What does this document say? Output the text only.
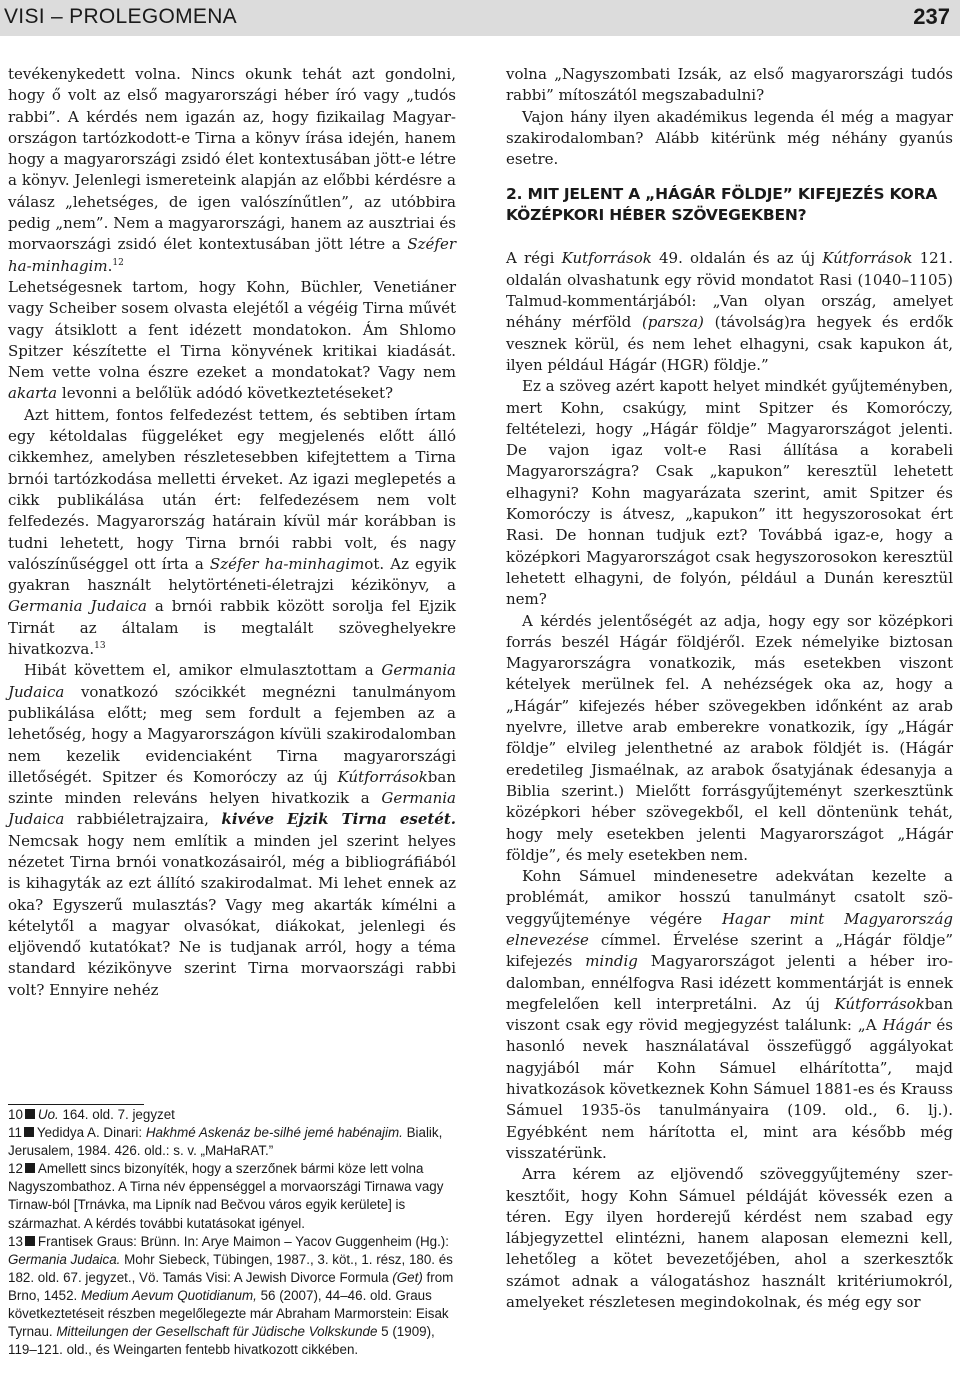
VISI – PROLEGOMENA	237

tevékenykedett volna. Nincs okunk tehát azt gondolni, hogy ő volt az első magyarországi héber író vagy „tudós rabbi”. A kérdés nem igazán az, hogy fizikailag Magyarországon tartózkodott-e Tirna a könyv írása idején, hanem hogy a magyarországi zsidó élet kontextusában jött-e létre a könyv. Jelenlegi ismereteink alapján az előbbi kérdésre a válasz „lehetséges, de igen valószínűtlen”, az utóbbira pedig „nem”. Nem a magyarországi, hanem az ausztriai és morvaországi zsidó élet kontextusában jött létre a Széfer ha-minhagim.$^{12}$

Lehetségesnek tartom, hogy Kohn, Büchler, Venetiáner vagy Scheiber sosem olvasta elejétől a végéig Tirna művét vagy átsiklott a fent idézett mondatokon. Ám Shlomo Spitzer készítette el Tirna könyvének kritikai kiadását. Nem vette volna észre ezeket a mondatokat? Vagy nem akarta levonni a belőlük adódó következtetéseket?

Azt hittem, fontos felfedezést tettem, és sebtiben írtam egy kétoldalas függeléket egy megjelenés előtt álló cikkemhez, amelyben részletesebben kifejtettem a Tirna brnói tartózkodása melletti érveket. Az igazi meglepetés a cikk publikálása után ért: felfedezésem nem volt felfedezés. Magyarország határain kívül már korábban is tudni lehetett, hogy Tirna brnói rabbi volt, és nagy valószínűséggel ott írta a Széfer ha-minhagimot. Az egyik gyakran használt helytörténeti-életrajzi kézikönyv, a Germania Judaica a brnói rabbik között sorolja fel Ejzik Tirnát az általam is megtalált szöveghelyekre hivatkozva.$^{13}$

Hibát követtem el, amikor elmulasztottam a Germania Judaica vonatkozó szócikkét megnézni tanulmányom publikálása előtt; meg sem fordult a fejemben az a lehetőség, hogy a Magyarországon kívüli szakirodalomban nem kezelik evidenciaként Tirna magyarországi illetőségét. Spitzer és Komoróczy az új Kútforrásokban szinte minden releváns helyen hivatkozik a Germania Judaica rabbiéletrajzaira, kivéve Ejzik Tirna esetét. Nemcsak hogy nem említik a minden jel szerint helyes nézetet Tirna brnói vonatkozásairól, még a bibliográfiából is kihagyták az ezt állító szakirodalmat. Mi lehet ennek az oka? Egyszerű mulasztás? Vagy meg akarták kímélni a kételytől a magyar olvasókat, diákokat, jelenlegi és eljövendő kutatókat? Ne is tudjanak arról, hogy a téma standard kézikönyve szerint Tirna morvaországi rabbi volt? Ennyire nehéz

10 Uo. 164. old. 7. jegyzet

11 Yedidya A. Dinari: Hakhmé Askenáz be-silhé jemé habénajim. Bialik, Jerusalem, 1984. 426. old.: s. v. „MaHaRAT.”

12 Amellett sincs bizonyíték, hogy a szerzőnek bármi köze lett volna Nagyszombathoz. A Tirna név éppenséggel a morvaországi Tirnawa vagy Tirnaw-ból [Trnávka, ma Lipník nad Bečvou város egyik kerülete] is származhat. A kérdés további kutatásokat igényel.

13 Frantisek Graus: Brünn. In: Arye Maimon – Yacov Guggenheim (Hg.): Germania Judaica. Mohr Siebeck, Tübingen, 1987., 3. köt., 1. rész, 180. és 182. old. 67. jegyzet., Vö. Tamás Visi: A Jewish Divorce Formula (Get) from Brno, 1452. Medium Aevum Quotidianum, 56 (2007), 44–46. old. Graus következtetéseit részben megelőlegezte már Abraham Marmorstein: Eisak Tyrnau. Mitteilungen der Gesellschaft für Jüdische Volkskunde 5 (1909), 119–121. old., és Weingarten fentebb hivatkozott cikkében.

volna „Nagyszombati Izsák, az első magyarországi tudós rabbi” mítoszától megszabadulni?

Vajon hány ilyen akadémikus legenda él még a magyar szakirodalomban? Alább kitérünk még néhány gyanús esetre.

2. MIT JELENT A „HÁGÁR FÖLDJE” KIFEJEZÉS KORA KÖZÉPKORI HÉBER SZÖVEGEKBEN?

A régi Kutforrások 49. oldalán és az új Kútforrások 121. oldalán olvashatunk egy rövid mondatot Rasi (1040–1105) Talmud-kommentárjából: „Van olyan ország, amelyet néhány mérföld (parsza) (távolság)ra hegyek és erdők vesznek körül, és nem lehet elhagyni, csak kapukon át, ilyen például Hágár (HGR) földje.”

Ez a szöveg azért kapott helyet mindkét gyűjteményben, mert Kohn, csakúgy, mint Spitzer és Komoróczy, feltételezi, hogy „Hágár földje” Magyarországot jelenti. De vajon igaz volt-e Rasi állítása a korabeli Magyarországra? Csak „kapukon” keresztül lehetett elhagyni? Kohn magyarázata szerint, amit Spitzer és Komoróczy is átvesz, „kapukon” itt hegyszorosokat ért Rasi. De honnan tudjuk ezt? Továbbá igaz-e, hogy a középkori Magyarországot csak hegyszorosokon keresztül lehetett elhagyni, de folyón, például a Dunán keresztül nem?

A kérdés jelentőségét az adja, hogy egy sor középkori forrás beszél Hágár földjéről. Ezek némelyike biztosan Magyarországra vonatkozik, más esetekben viszont kételyek merülnek fel. A nehézségek oka az, hogy a „Hágár” kifejezés héber szövegekben időnként az arab nyelvre, illetve arab emberekre vonatkozik, így „Hágár földje” elvileg jelenthetné az arabok földjét is. (Hágár eredetileg Jismaélnak, az arabok ősatyjának édesanyja a Biblia szerint.) Mielőtt forrásgyűjteményt szerkesztünk középkori héber szövegekből, el kell döntenünk tehát, hogy mely esetekben jelenti Magyarországot „Hágár földje”, és mely esetekben nem.

Kohn Sámuel mindenesetre adekvátan kezelte a problémát, amikor hosszú tanulmányt csatolt szöveggyűjteménye végére Hagar mint Magyarország elnevezése címmel. Érvelése szerint a „Hágár földje” kifejezés mindig Magyarországot jelenti a héber irodalomban, ennélfogva Rasi idézett kommentárját is ennek megfelelően kell interpretálni. Az új Kútforrásokban viszont csak egy rövid megjegyzést találunk: „A Hágár és hasonló nevek használatával összefüggő aggályokat nagyjából már Kohn Sámuel elhárította”, majd hivatkozások következnek Kohn Sámuel 1881-es és Krauss Sámuel 1935-ös tanulmányaira (109. old., 6. lj.). Egyébként nem hárította el, mint ara később még visszatérünk.

Arra kérem az eljövendő szöveggyűjtemény szerkesztőit, hogy Kohn Sámuel példáját kövessék ezen a téren. Egy ilyen horderejű kérdést nem szabad egy lábjegyzettel elintézni, hanem alaposan elemezni kell, lehetőleg a kötet bevezetőjében, ahol a szerkesztők számot adnak a válogatáshoz használt kritériumokról, amelyeket részletesen megindokolnak, és még egy sor
